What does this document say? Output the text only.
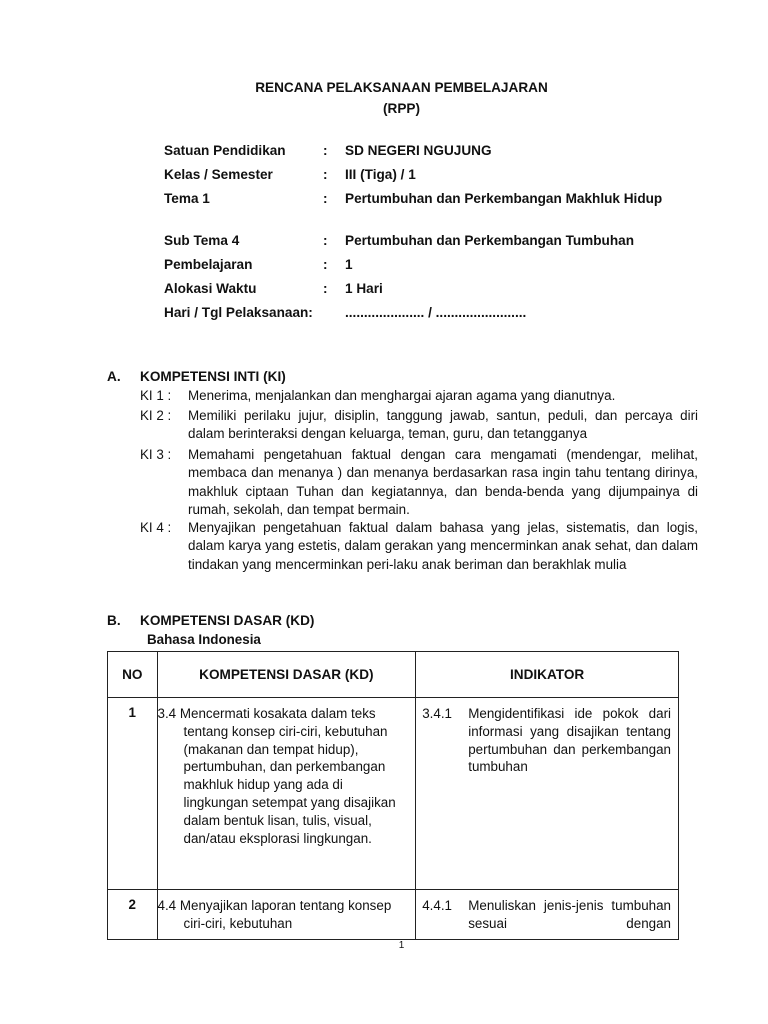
RENCANA PELAKSANAAN PEMBELAJARAN
(RPP)
Satuan Pendidikan	: SD NEGERI NGUJUNG
Kelas / Semester	: III (Tiga) / 1
Tema 1	: Pertumbuhan dan Perkembangan Makhluk Hidup
Sub Tema 4	: Pertumbuhan dan Perkembangan Tumbuhan
Pembelajaran	: 1
Alokasi Waktu	: 1 Hari
Hari / Tgl Pelaksanaan: ..................... / ........................
A. KOMPETENSI INTI (KI)
KI 1 : Menerima, menjalankan dan menghargai ajaran agama yang dianutnya.
KI 2 : Memiliki perilaku jujur, disiplin, tanggung jawab, santun, peduli, dan percaya diri dalam berinteraksi dengan keluarga, teman, guru, dan tetangganya
KI 3 : Memahami pengetahuan faktual dengan cara mengamati (mendengar, melihat, membaca dan menanya ) dan menanya berdasarkan rasa ingin tahu tentang dirinya, makhluk ciptaan Tuhan dan kegiatannya, dan benda-benda yang dijumpainya di rumah, sekolah, dan tempat bermain.
KI 4 : Menyajikan pengetahuan faktual dalam bahasa yang jelas, sistematis, dan logis, dalam karya yang estetis, dalam gerakan yang mencerminkan anak sehat, dan dalam tindakan yang mencerminkan peri-laku anak beriman dan berakhlak mulia
B. KOMPETENSI DASAR (KD)
Bahasa Indonesia
NO	KOMPETENSI DASAR (KD)	INDIKATOR

1	3.4 Mencermati kosakata dalam teks tentang konsep ciri-ciri, kebutuhan (makanan dan tempat hidup), pertumbuhan, dan perkembangan makhluk hidup yang ada di lingkungan setempat yang disajikan dalam bentuk lisan, tulis, visual, dan/atau eksplorasi lingkungan.	3.4.1 Mengidentifikasi ide pokok dari informasi yang disajikan tentang pertumbuhan dan perkembangan tumbuhan

2	4.4 Menyajikan laporan tentang konsep ciri-ciri, kebutuhan	4.4.1 Menuliskan jenis-jenis tumbuhan sesuai dengan
1
